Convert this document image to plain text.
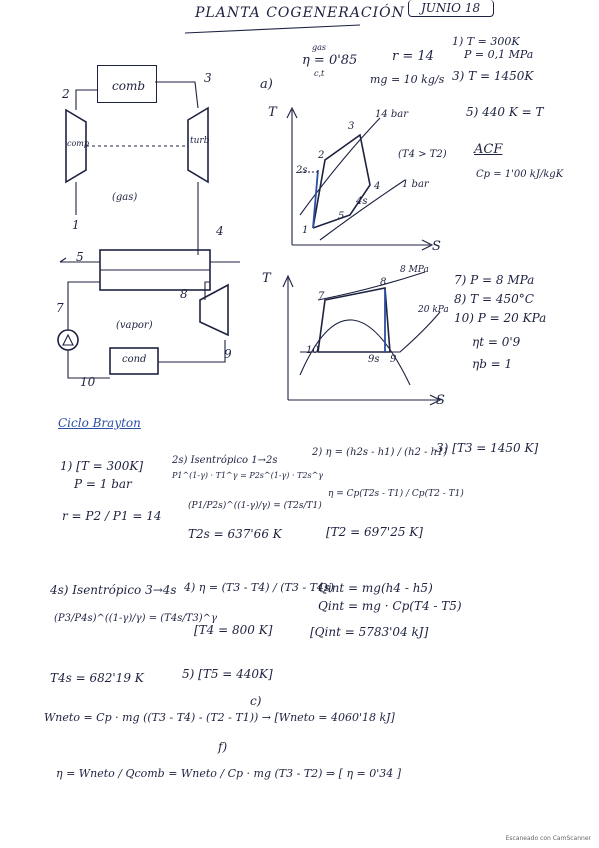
PLANTA COGENERACIÓN JUNIO 18
comb
comp	turb
(gas)
(vapor)
cond
1
2
3
4
5
7
8
9
10
η = 0'85
gas
c,t
r = 14
mg = 10 kg/s
1) T = 300K
P = 0,1 MPa
3) T = 1450K
5) 440 K = T
ACF
Cp = 1'00 kJ/kgK
7) P = 8 MPa
8) T = 450°C
10) P = 20 KPa
ηt = 0'9
ηb = 1
a)
T
S
14 bar
1 bar
(T4 > T2)
1
2
2s
3
4
4s
5
T
S
8 MPa
20 kPa
7
8
9
9s
10
Ciclo Brayton
1) [T = 300K]
P = 1 bar
r = P2 / P1 = 14
2s) Isentrópico 1→2s
P1^(1-γ) · T1^γ = P2s^(1-γ) · T2s^γ
(P1/P2s)^((1-γ)/γ) = (T2s/T1)
T2s = 637'66 K
2) η = (h2s - h1) / (h2 - h1)
η = Cp(T2s - T1) / Cp(T2 - T1)
[T2 = 697'25 K]
3) [T3 = 1450 K]
4s) Isentrópico 3→4s
(P3/P4s)^((1-γ)/γ) = (T4s/T3)^γ
T4s = 682'19 K
4) η = (T3 - T4) / (T3 - T4s)
[T4 = 800 K]
Qint = mg(h4 - h5)
Qint = mg · Cp(T4 - T5)
[Qint = 5783'04 kJ]
5) [T5 = 440K]
c)
Wneto = Cp · mg ((T3 - T4) - (T2 - T1)) → [Wneto = 4060'18 kJ]
f)
η = Wneto / Qcomb = Wneto / Cp · mg (T3 - T2) ⇒ [ η = 0'34 ]
Escaneado con CamScanner
